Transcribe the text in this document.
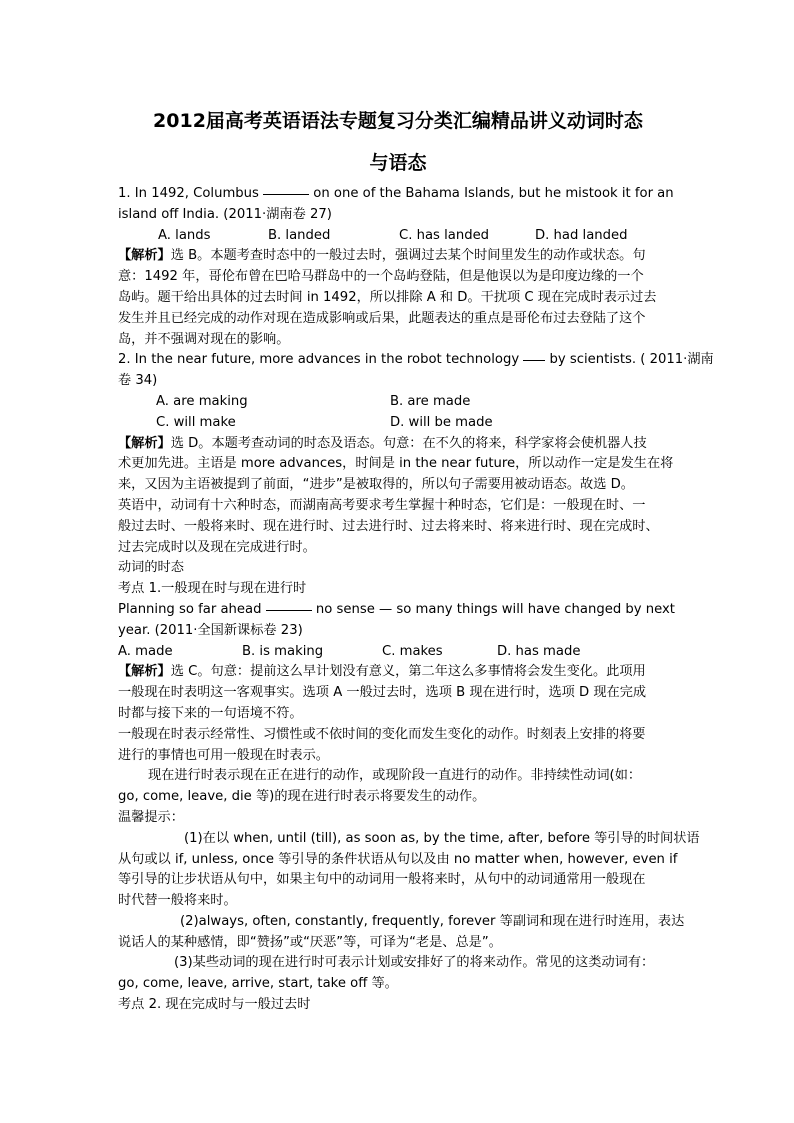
2012届高考英语语法专题复习分类汇编精品讲义动词时态
与语态
1. In 1492, Columbus	on one of the Bahama Islands, but he mistook it for an
island off India. (2011·湖南卷 27)
A. lands	B. landed	C. has landed	D. had landed
【解析】选 B。本题考查时态中的一般过去时，强调过去某个时间里发生的动作或状态。句
意：1492 年，哥伦布曾在巴哈马群岛中的一个岛屿登陆，但是他误以为是印度边缘的一个
岛屿。题干给出具体的过去时间 in 1492，所以排除 A 和 D。干扰项 C 现在完成时表示过去
发生并且已经完成的动作对现在造成影响或后果，此题表达的重点是哥伦布过去登陆了这个
岛，并不强调对现在的影响。
2. In the near future, more advances in the robot technology  by scientists. ( 2011·湖南
卷 34)
A. are making	B. are made
C. will make	D. will be made
【解析】选 D。本题考查动词的时态及语态。句意：在不久的将来，科学家将会使机器人技
术更加先进。主语是 more advances，时间是 in the near future，所以动作一定是发生在将
来，又因为主语被提到了前面，“进步”是被取得的，所以句子需要用被动语态。故选 D。
英语中，动词有十六种时态，而湖南高考要求考生掌握十种时态，它们是：一般现在时、一
般过去时、一般将来时、现在进行时、过去进行时、过去将来时、将来进行时、现在完成时、
过去完成时以及现在完成进行时。
动词的时态
考点 1.一般现在时与现在进行时
Planning so far ahead	no sense — so many things will have changed by next
year. (2011·全国新课标卷 23)
A. made	B. is making	C. makes	D. has made
【解析】选 C。句意：提前这么早计划没有意义，第二年这么多事情将会发生变化。此项用
一般现在时表明这一客观事实。选项 A 一般过去时，选项 B 现在进行时，选项 D 现在完成
时都与接下来的一句语境不符。
一般现在时表示经常性、习惯性或不依时间的变化而发生变化的动作。时刻表上安排的将要
进行的事情也可用一般现在时表示。
现在进行时表示现在正在进行的动作，或现阶段一直进行的动作。非持续性动词(如：
go, come, leave, die 等)的现在进行时表示将要发生的动作。
温馨提示：
(1)在以 when, until (till), as soon as, by the time, after, before 等引导的时间状语
从句或以 if, unless, once 等引导的条件状语从句以及由 no matter when, however, even if
等引导的让步状语从句中，如果主句中的动词用一般将来时，从句中的动词通常用一般现在
时代替一般将来时。
(2)always, often, constantly, frequently, forever 等副词和现在进行时连用，表达
说话人的某种感情，即“赞扬”或“厌恶”等，可译为“老是、总是”。
(3)某些动词的现在进行时可表示计划或安排好了的将来动作。常见的这类动词有：
go, come, leave, arrive, start, take off 等。
考点 2. 现在完成时与一般过去时
